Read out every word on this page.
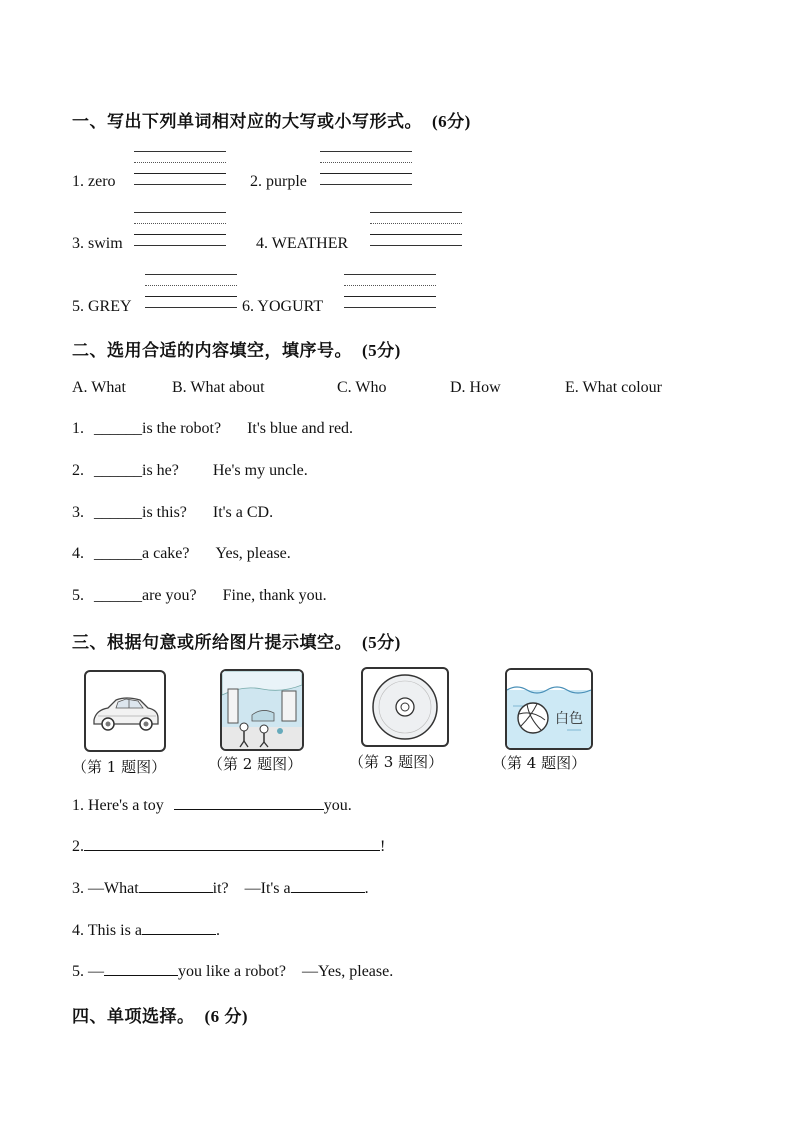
一、写出下列单词相对应的大写或小写形式。 (6分)
1. zero	2. purple
3. swim	4. WEATHER
5. GREY	6. YOGURT
二、选用合适的内容填空，填序号。 (5分)
A. What	B. What about	C. Who	D. How	E. What colour
1. ______is the robot? It's blue and red.
2. ______is he? He's my uncle.
3. ______is this? It's a CD.
4. ______a cake? Yes, please.
5. ______are you? Fine, thank you.
三、根据句意或所给图片提示填空。 (5分)
白色
（第 1 题图）	（第 2 题图）	（第 3 题图）	（第 4 题图）
1. Here's a toy	you.
2.	!
3. —What	it?    —It's a	.
4. This is a	.
5. —	you like a robot?    —Yes, please.
四、单项选择。 (6 分)
